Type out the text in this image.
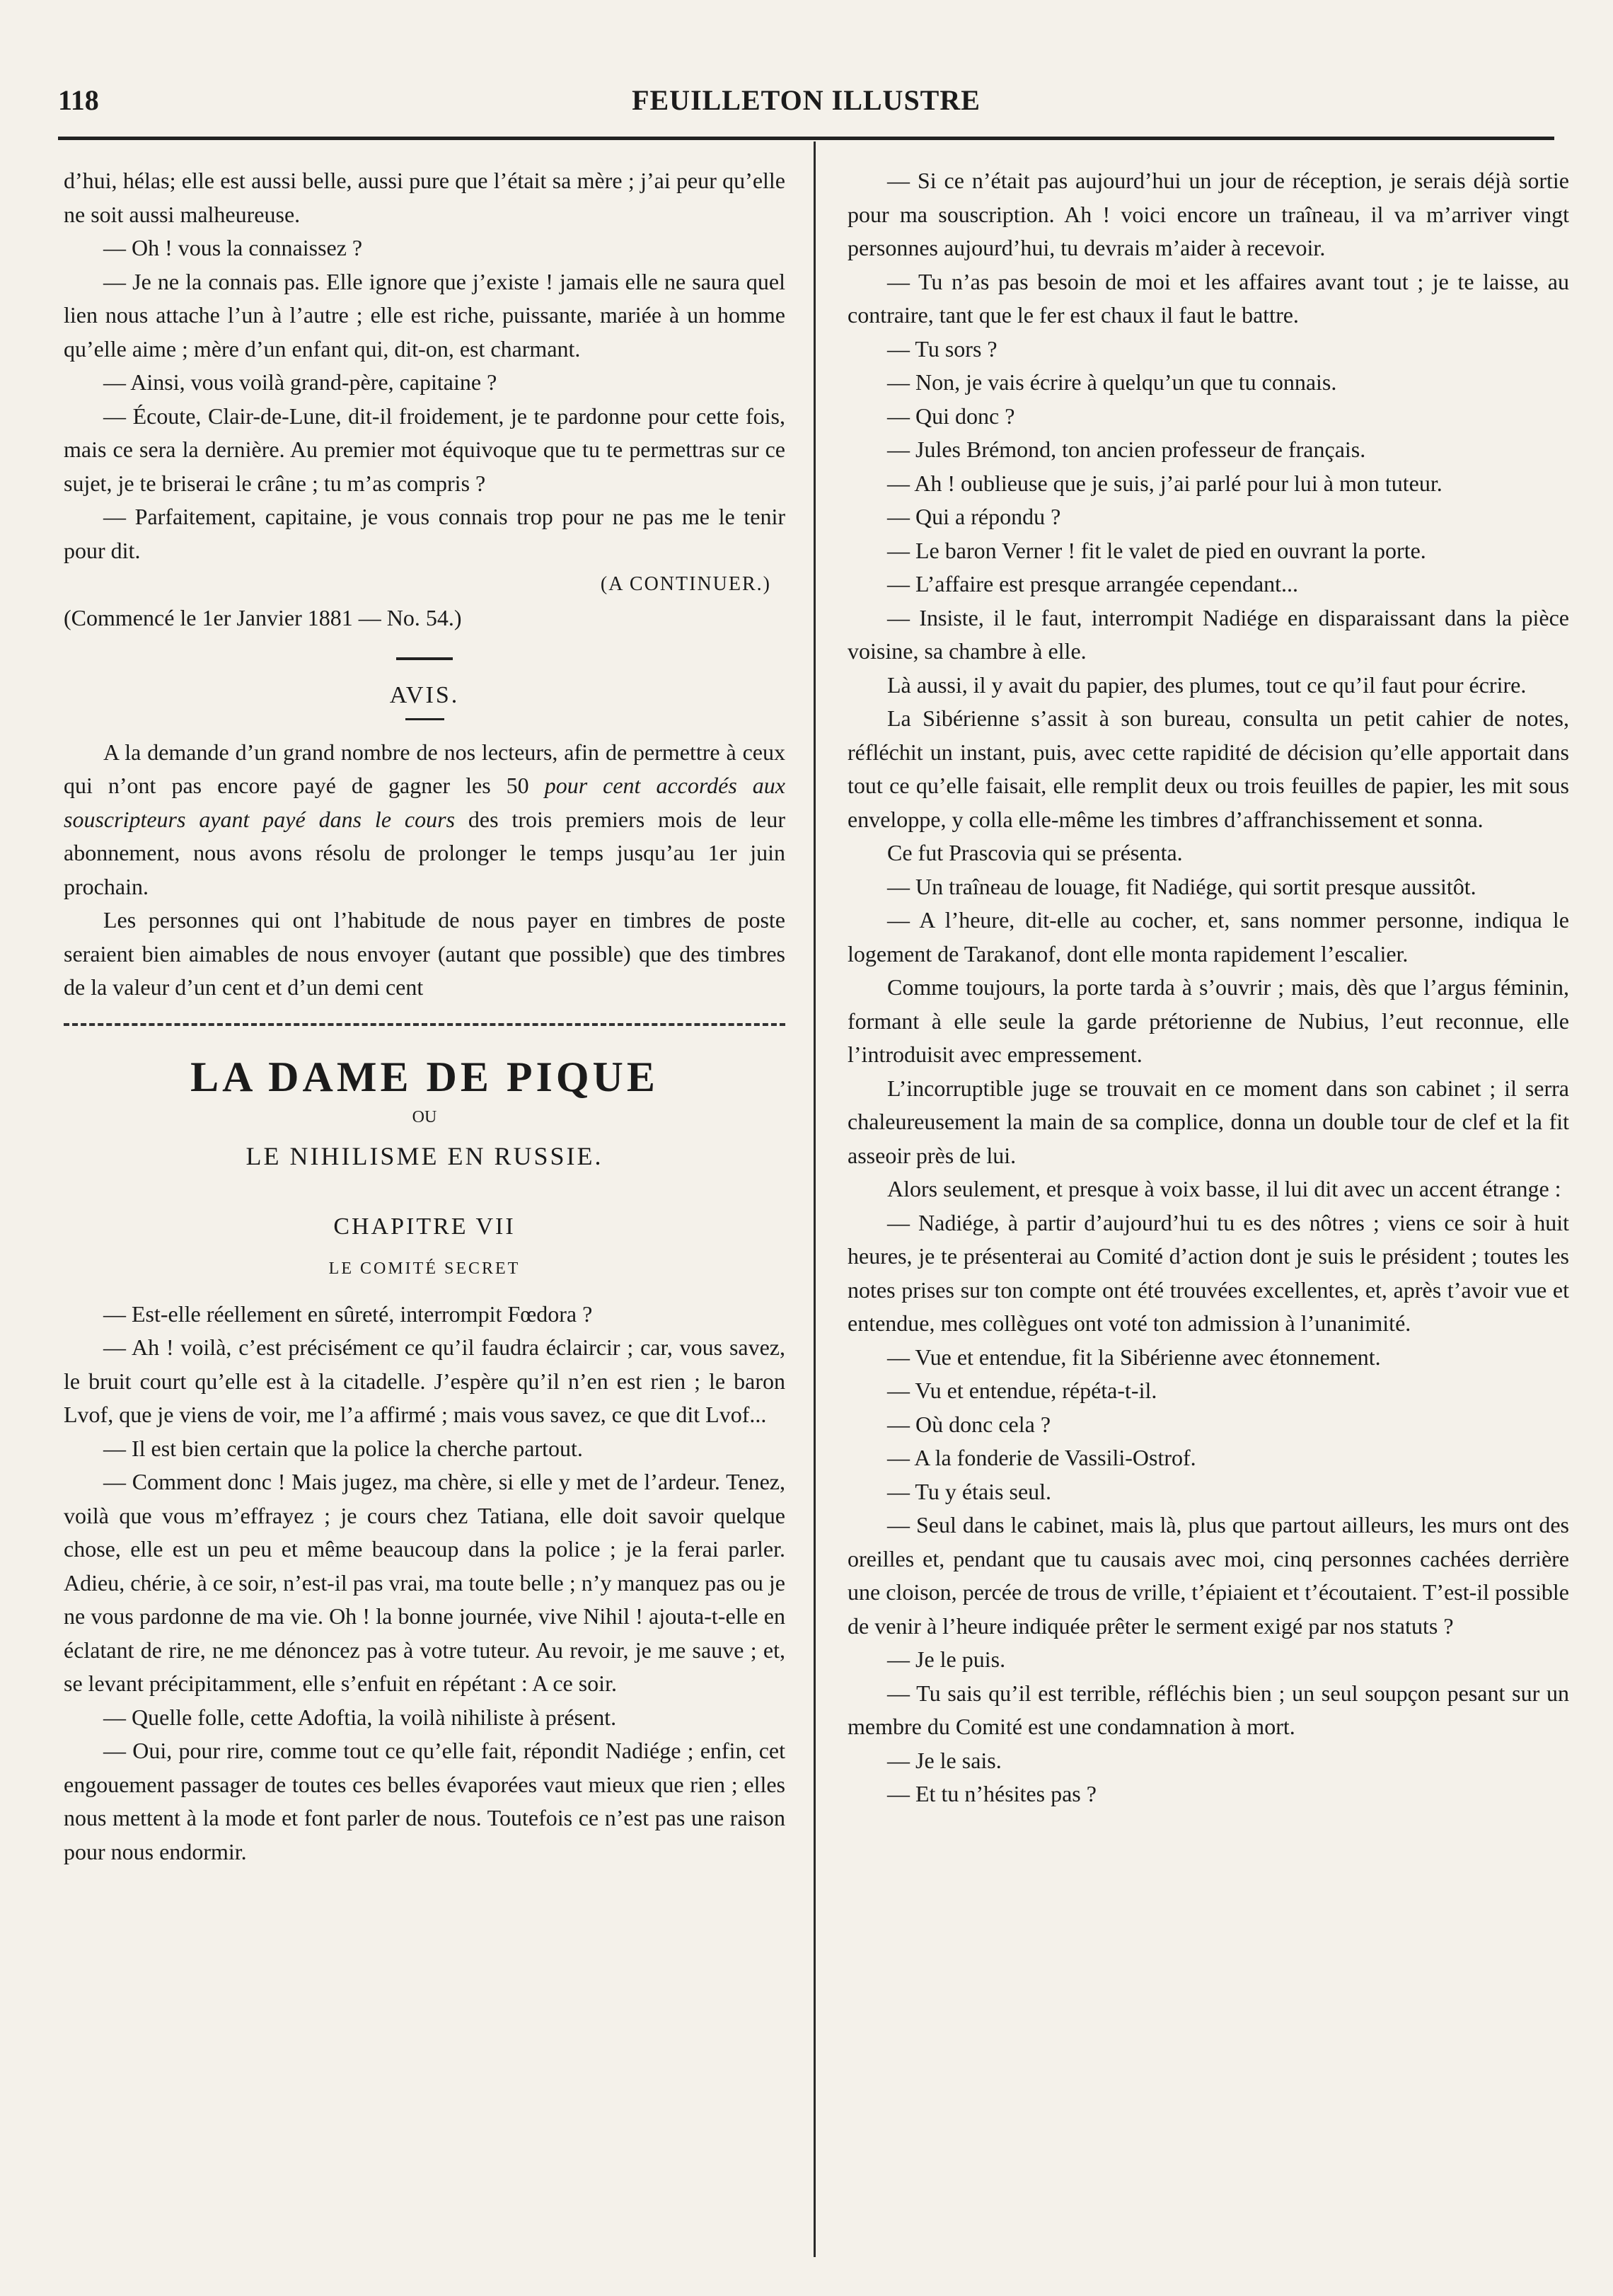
118	FEUILLETON ILLUSTRE

d’hui, hélas; elle est aussi belle, aussi pure que l’était sa mère ; j’ai peur qu’elle ne soit aussi malheureuse.

— Oh ! vous la connaissez ?

— Je ne la connais pas. Elle ignore que j’existe ! jamais elle ne saura quel lien nous attache l’un à l’autre ; elle est riche, puissante, mariée à un homme qu’elle aime ; mère d’un enfant qui, dit-on, est charmant.

— Ainsi, vous voilà grand-père, capitaine ?

— Écoute, Clair-de-Lune, dit-il froidement, je te pardonne pour cette fois, mais ce sera la dernière. Au premier mot équivoque que tu te permettras sur ce sujet, je te briserai le crâne ; tu m’as compris ?

— Parfaitement, capitaine, je vous connais trop pour ne pas me le tenir pour dit.

(A CONTINUER.)

(Commencé le 1er Janvier 1881 — No. 54.)

AVIS.

A la demande d’un grand nombre de nos lecteurs, afin de permettre à ceux qui n’ont pas encore payé de gagner les 50 pour cent accordés aux souscripteurs ayant payé dans le cours des trois premiers mois de leur abonnement, nous avons résolu de prolonger le temps jusqu’au 1er juin prochain.

Les personnes qui ont l’habitude de nous payer en timbres de poste seraient bien aimables de nous envoyer (autant que possible) que des timbres de la valeur d’un cent et d’un demi cent

LA DAME DE PIQUE
OU
LE NIHILISME EN RUSSIE.
CHAPITRE VII
LE COMITÉ SECRET

— Est-elle réellement en sûreté, interrompit Fœdora ?

— Ah ! voilà, c’est précisément ce qu’il faudra éclaircir ; car, vous savez, le bruit court qu’elle est à la citadelle. J’espère qu’il n’en est rien ; le baron Lvof, que je viens de voir, me l’a affirmé ; mais vous savez, ce que dit Lvof...

— Il est bien certain que la police la cherche partout.

— Comment donc ! Mais jugez, ma chère, si elle y met de l’ardeur. Tenez, voilà que vous m’effrayez ; je cours chez Tatiana, elle doit savoir quelque chose, elle est un peu et même beaucoup dans la police ; je la ferai parler. Adieu, chérie, à ce soir, n’est-il pas vrai, ma toute belle ; n’y manquez pas ou je ne vous pardonne de ma vie. Oh ! la bonne journée, vive Nihil ! ajouta-t-elle en éclatant de rire, ne me dénoncez pas à votre tuteur. Au revoir, je me sauve ; et, se levant précipitamment, elle s’enfuit en répétant : A ce soir.

— Quelle folle, cette Adoftia, la voilà nihiliste à présent.

— Oui, pour rire, comme tout ce qu’elle fait, répondit Nadiége ; enfin, cet engouement passager de toutes ces belles évaporées vaut mieux que rien ; elles nous mettent à la mode et font parler de nous. Toutefois ce n’est pas une raison pour nous endormir.

— Si ce n’était pas aujourd’hui un jour de réception, je serais déjà sortie pour ma souscription. Ah ! voici encore un traîneau, il va m’arriver vingt personnes aujourd’hui, tu devrais m’aider à recevoir.

— Tu n’as pas besoin de moi et les affaires avant tout ; je te laisse, au contraire, tant que le fer est chaux il faut le battre.

— Tu sors ?

— Non, je vais écrire à quelqu’un que tu connais.

— Qui donc ?

— Jules Brémond, ton ancien professeur de français.

— Ah ! oublieuse que je suis, j’ai parlé pour lui à mon tuteur.

— Qui a répondu ?

— Le baron Verner ! fit le valet de pied en ouvrant la porte.

— L’affaire est presque arrangée cependant...

— Insiste, il le faut, interrompit Nadiége en disparaissant dans la pièce voisine, sa chambre à elle.

Là aussi, il y avait du papier, des plumes, tout ce qu’il faut pour écrire.

La Sibérienne s’assit à son bureau, consulta un petit cahier de notes, réfléchit un instant, puis, avec cette rapidité de décision qu’elle apportait dans tout ce qu’elle faisait, elle remplit deux ou trois feuilles de papier, les mit sous enveloppe, y colla elle-même les timbres d’affranchissement et sonna.

Ce fut Prascovia qui se présenta.

— Un traîneau de louage, fit Nadiége, qui sortit presque aussitôt.

— A l’heure, dit-elle au cocher, et, sans nommer personne, indiqua le logement de Tarakanof, dont elle monta rapidement l’escalier.

Comme toujours, la porte tarda à s’ouvrir ; mais, dès que l’argus féminin, formant à elle seule la garde prétorienne de Nubius, l’eut reconnue, elle l’introduisit avec empressement.

L’incorruptible juge se trouvait en ce moment dans son cabinet ; il serra chaleureusement la main de sa complice, donna un double tour de clef et la fit asseoir près de lui.

Alors seulement, et presque à voix basse, il lui dit avec un accent étrange :

— Nadiége, à partir d’aujourd’hui tu es des nôtres ; viens ce soir à huit heures, je te présenterai au Comité d’action dont je suis le président ; toutes les notes prises sur ton compte ont été trouvées excellentes, et, après t’avoir vue et entendue, mes collègues ont voté ton admission à l’unanimité.

— Vue et entendue, fit la Sibérienne avec étonnement.

— Vu et entendue, répéta-t-il.

— Où donc cela ?

— A la fonderie de Vassili-Ostrof.

— Tu y étais seul.

— Seul dans le cabinet, mais là, plus que partout ailleurs, les murs ont des oreilles et, pendant que tu causais avec moi, cinq personnes cachées derrière une cloison, percée de trous de vrille, t’épiaient et t’écoutaient. T’est-il possible de venir à l’heure indiquée prêter le serment exigé par nos statuts ?

— Je le puis.

— Tu sais qu’il est terrible, réfléchis bien ; un seul soupçon pesant sur un membre du Comité est une condamnation à mort.

— Je le sais.

— Et tu n’hésites pas ?
